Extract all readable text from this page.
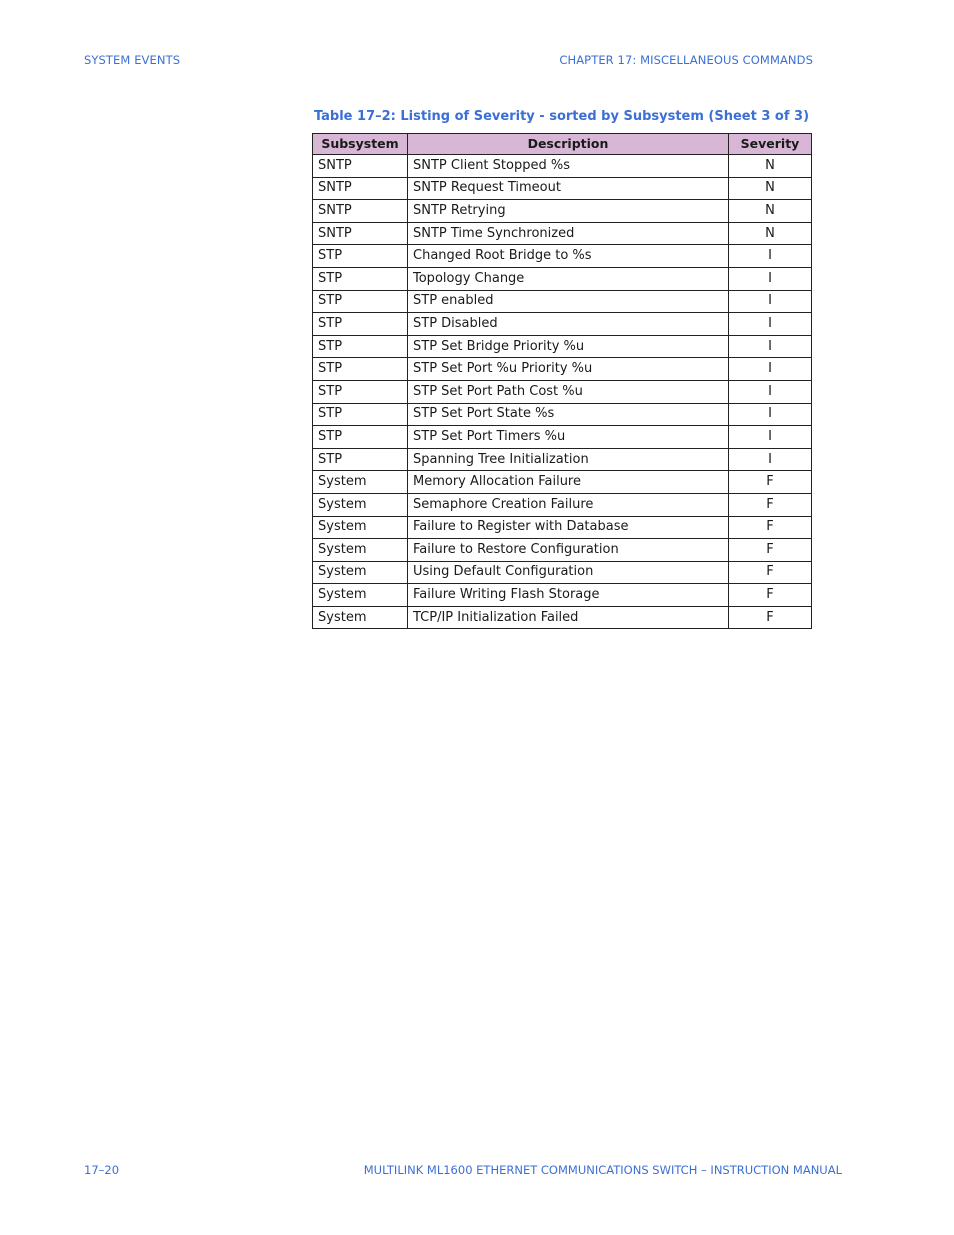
SYSTEM EVENTS	CHAPTER 17: MISCELLANEOUS COMMANDS
Table 17–2: Listing of Severity - sorted by Subsystem (Sheet 3 of 3)
Subsystem	Description	Severity
SNTP	SNTP Client Stopped %s	N
SNTP	SNTP Request Timeout	N
SNTP	SNTP Retrying	N
SNTP	SNTP Time Synchronized	N
STP	Changed Root Bridge to %s	I
STP	Topology Change	I
STP	STP enabled	I
STP	STP Disabled	I
STP	STP Set Bridge Priority %u	I
STP	STP Set Port %u Priority %u	I
STP	STP Set Port Path Cost %u	I
STP	STP Set Port State %s	I
STP	STP Set Port Timers %u	I
STP	Spanning Tree Initialization	I
System	Memory Allocation Failure	F
System	Semaphore Creation Failure	F
System	Failure to Register with Database	F
System	Failure to Restore Configuration	F
System	Using Default Configuration	F
System	Failure Writing Flash Storage	F
System	TCP/IP Initialization Failed	F
17–20	MULTILINK ML1600 ETHERNET COMMUNICATIONS SWITCH – INSTRUCTION MANUAL
